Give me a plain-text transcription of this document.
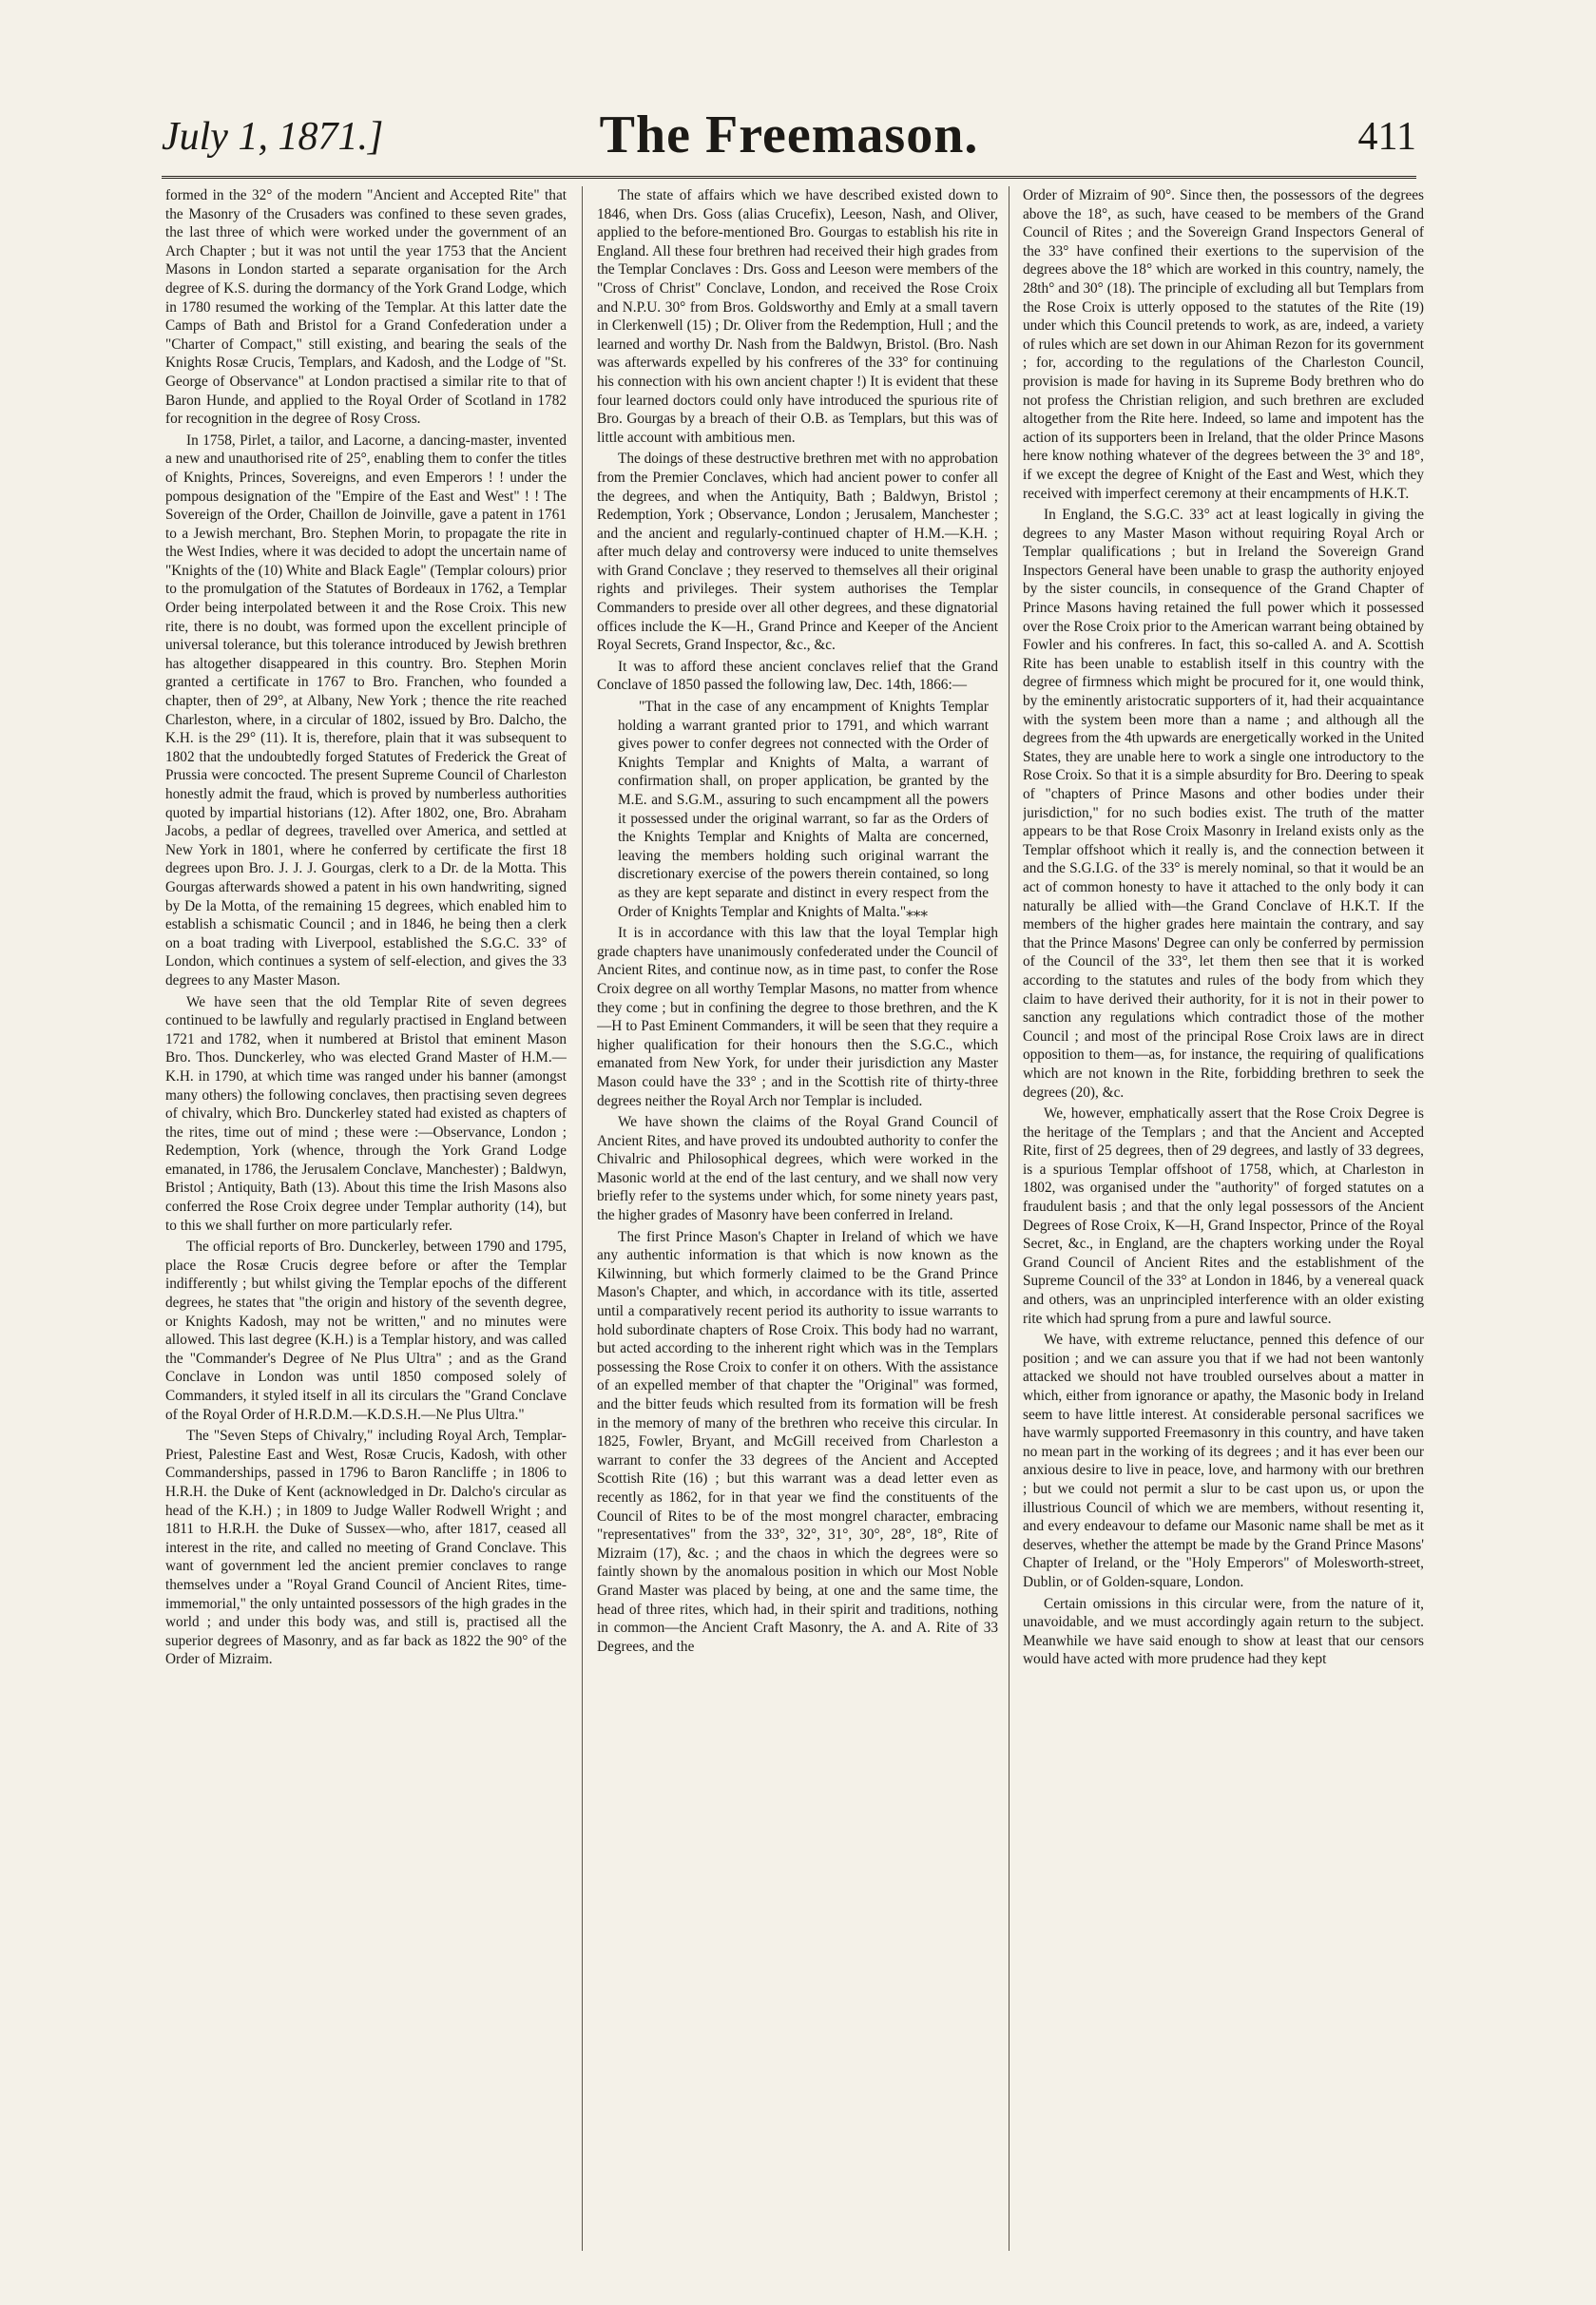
July 1, 1871.]	The Freemason.	411

formed in the 32° of the modern "Ancient and Accepted Rite" that the Masonry of the Crusaders was confined to these seven grades, the last three of which were worked under the government of an Arch Chapter ; but it was not until the year 1753 that the Ancient Masons in London started a separate organisation for the Arch degree of K.S. during the dormancy of the York Grand Lodge, which in 1780 resumed the working of the Templar. At this latter date the Camps of Bath and Bristol for a Grand Confederation under a "Charter of Compact," still existing, and bearing the seals of the Knights Rosæ Crucis, Templars, and Kadosh, and the Lodge of "St. George of Observance" at London practised a similar rite to that of Baron Hunde, and applied to the Royal Order of Scotland in 1782 for recognition in the degree of Rosy Cross.

In 1758, Pirlet, a tailor, and Lacorne, a dancing-master, invented a new and unauthorised rite of 25°, enabling them to confer the titles of Knights, Princes, Sovereigns, and even Emperors ! ! under the pompous designation of the "Empire of the East and West" ! ! The Sovereign of the Order, Chaillon de Joinville, gave a patent in 1761 to a Jewish merchant, Bro. Stephen Morin, to propagate the rite in the West Indies, where it was decided to adopt the uncertain name of "Knights of the (10) White and Black Eagle" (Templar colours) prior to the promulgation of the Statutes of Bordeaux in 1762, a Templar Order being interpolated between it and the Rose Croix. This new rite, there is no doubt, was formed upon the excellent principle of universal tolerance, but this tolerance introduced by Jewish brethren has altogether disappeared in this country. Bro. Stephen Morin granted a certificate in 1767 to Bro. Franchen, who founded a chapter, then of 29°, at Albany, New York ; thence the rite reached Charleston, where, in a circular of 1802, issued by Bro. Dalcho, the K.H. is the 29° (11). It is, therefore, plain that it was subsequent to 1802 that the undoubtedly forged Statutes of Frederick the Great of Prussia were concocted. The present Supreme Council of Charleston honestly admit the fraud, which is proved by numberless authorities quoted by impartial historians (12). After 1802, one, Bro. Abraham Jacobs, a pedlar of degrees, travelled over America, and settled at New York in 1801, where he conferred by certificate the first 18 degrees upon Bro. J. J. J. Gourgas, clerk to a Dr. de la Motta. This Gourgas afterwards showed a patent in his own handwriting, signed by De la Motta, of the remaining 15 degrees, which enabled him to establish a schismatic Council ; and in 1846, he being then a clerk on a boat trading with Liverpool, established the S.G.C. 33° of London, which continues a system of self-election, and gives the 33 degrees to any Master Mason.

We have seen that the old Templar Rite of seven degrees continued to be lawfully and regularly practised in England between 1721 and 1782, when it numbered at Bristol that eminent Mason Bro. Thos. Dunckerley, who was elected Grand Master of H.M.—K.H. in 1790, at which time was ranged under his banner (amongst many others) the following conclaves, then practising seven degrees of chivalry, which Bro. Dunckerley stated had existed as chapters of the rites, time out of mind ; these were :—Observance, London ; Redemption, York (whence, through the York Grand Lodge emanated, in 1786, the Jerusalem Conclave, Manchester) ; Baldwyn, Bristol ; Antiquity, Bath (13). About this time the Irish Masons also conferred the Rose Croix degree under Templar authority (14), but to this we shall further on more particularly refer.

The official reports of Bro. Dunckerley, between 1790 and 1795, place the Rosæ Crucis degree before or after the Templar indifferently ; but whilst giving the Templar epochs of the different degrees, he states that "the origin and history of the seventh degree, or Knights Kadosh, may not be written," and no minutes were allowed. This last degree (K.H.) is a Templar history, and was called the "Commander's Degree of Ne Plus Ultra" ; and as the Grand Conclave in London was until 1850 composed solely of Commanders, it styled itself in all its circulars the "Grand Conclave of the Royal Order of H.R.D.M.—K.D.S.H.—Ne Plus Ultra."

The "Seven Steps of Chivalry," including Royal Arch, Templar-Priest, Palestine East and West, Rosæ Crucis, Kadosh, with other Commanderships, passed in 1796 to Baron Rancliffe ; in 1806 to H.R.H. the Duke of Kent (acknowledged in Dr. Dalcho's circular as head of the K.H.) ; in 1809 to Judge Waller Rodwell Wright ; and 1811 to H.R.H. the Duke of Sussex—who, after 1817, ceased all interest in the rite, and called no meeting of Grand Conclave. This want of government led the ancient premier conclaves to range themselves under a "Royal Grand Council of Ancient Rites, time-immemorial," the only untainted possessors of the high grades in the world ; and under this body was, and still is, practised all the superior degrees of Masonry, and as far back as 1822 the 90° of the Order of Mizraim.

The state of affairs which we have described existed down to 1846, when Drs. Goss (alias Crucefix), Leeson, Nash, and Oliver, applied to the before-mentioned Bro. Gourgas to establish his rite in England. All these four brethren had received their high grades from the Templar Conclaves : Drs. Goss and Leeson were members of the "Cross of Christ" Conclave, London, and received the Rose Croix and N.P.U. 30° from Bros. Goldsworthy and Emly at a small tavern in Clerkenwell (15) ; Dr. Oliver from the Redemption, Hull ; and the learned and worthy Dr. Nash from the Baldwyn, Bristol. (Bro. Nash was afterwards expelled by his confreres of the 33° for continuing his connection with his own ancient chapter !) It is evident that these four learned doctors could only have introduced the spurious rite of Bro. Gourgas by a breach of their O.B. as Templars, but this was of little account with ambitious men.

The doings of these destructive brethren met with no approbation from the Premier Conclaves, which had ancient power to confer all the degrees, and when the Antiquity, Bath ; Baldwyn, Bristol ; Redemption, York ; Observance, London ; Jerusalem, Manchester ; and the ancient and regularly-continued chapter of H.M.—K.H. ; after much delay and controversy were induced to unite themselves with Grand Conclave ; they reserved to themselves all their original rights and privileges. Their system authorises the Templar Commanders to preside over all other degrees, and these dignatorial offices include the K—H., Grand Prince and Keeper of the Ancient Royal Secrets, Grand Inspector, &c., &c.

It was to afford these ancient conclaves relief that the Grand Conclave of 1850 passed the following law, Dec. 14th, 1866:—

"That in the case of any encampment of Knights Templar holding a warrant granted prior to 1791, and which warrant gives power to confer degrees not connected with the Order of Knights Templar and Knights of Malta, a warrant of confirmation shall, on proper application, be granted by the M.E. and S.G.M., assuring to such encampment all the powers it possessed under the original warrant, so far as the Orders of the Knights Templar and Knights of Malta are concerned, leaving the members holding such original warrant the discretionary exercise of the powers therein contained, so long as they are kept separate and distinct in every respect from the Order of Knights Templar and Knights of Malta."⁎⁎⁎

It is in accordance with this law that the loyal Templar high grade chapters have unanimously confederated under the Council of Ancient Rites, and continue now, as in time past, to confer the Rose Croix degree on all worthy Templar Masons, no matter from whence they come ; but in confining the degree to those brethren, and the K—H to Past Eminent Commanders, it will be seen that they require a higher qualification for their honours then the S.G.C., which emanated from New York, for under their jurisdiction any Master Mason could have the 33° ; and in the Scottish rite of thirty-three degrees neither the Royal Arch nor Templar is included.

We have shown the claims of the Royal Grand Council of Ancient Rites, and have proved its undoubted authority to confer the Chivalric and Philosophical degrees, which were worked in the Masonic world at the end of the last century, and we shall now very briefly refer to the systems under which, for some ninety years past, the higher grades of Masonry have been conferred in Ireland.

The first Prince Mason's Chapter in Ireland of which we have any authentic information is that which is now known as the Kilwinning, but which formerly claimed to be the Grand Prince Mason's Chapter, and which, in accordance with its title, asserted until a comparatively recent period its authority to issue warrants to hold subordinate chapters of Rose Croix. This body had no warrant, but acted according to the inherent right which was in the Templars possessing the Rose Croix to confer it on others. With the assistance of an expelled member of that chapter the "Original" was formed, and the bitter feuds which resulted from its formation will be fresh in the memory of many of the brethren who receive this circular. In 1825, Fowler, Bryant, and McGill received from Charleston a warrant to confer the 33 degrees of the Ancient and Accepted Scottish Rite (16) ; but this warrant was a dead letter even as recently as 1862, for in that year we find the constituents of the Council of Rites to be of the most mongrel character, embracing "representatives" from the 33°, 32°, 31°, 30°, 28°, 18°, Rite of Mizraim (17), &c. ; and the chaos in which the degrees were so faintly shown by the anomalous position in which our Most Noble Grand Master was placed by being, at one and the same time, the head of three rites, which had, in their spirit and traditions, nothing in common—the Ancient Craft Masonry, the A. and A. Rite of 33 Degrees, and the

Order of Mizraim of 90°. Since then, the possessors of the degrees above the 18°, as such, have ceased to be members of the Grand Council of Rites ; and the Sovereign Grand Inspectors General of the 33° have confined their exertions to the supervision of the degrees above the 18° which are worked in this country, namely, the 28th° and 30° (18). The principle of excluding all but Templars from the Rose Croix is utterly opposed to the statutes of the Rite (19) under which this Council pretends to work, as are, indeed, a variety of rules which are set down in our Ahiman Rezon for its government ; for, according to the regulations of the Charleston Council, provision is made for having in its Supreme Body brethren who do not profess the Christian religion, and such brethren are excluded altogether from the Rite here. Indeed, so lame and impotent has the action of its supporters been in Ireland, that the older Prince Masons here know nothing whatever of the degrees between the 3° and 18°, if we except the degree of Knight of the East and West, which they received with imperfect ceremony at their encampments of H.K.T.

In England, the S.G.C. 33° act at least logically in giving the degrees to any Master Mason without requiring Royal Arch or Templar qualifications ; but in Ireland the Sovereign Grand Inspectors General have been unable to grasp the authority enjoyed by the sister councils, in consequence of the Grand Chapter of Prince Masons having retained the full power which it possessed over the Rose Croix prior to the American warrant being obtained by Fowler and his confreres. In fact, this so-called A. and A. Scottish Rite has been unable to establish itself in this country with the degree of firmness which might be procured for it, one would think, by the eminently aristocratic supporters of it, had their acquaintance with the system been more than a name ; and although all the degrees from the 4th upwards are energetically worked in the United States, they are unable here to work a single one introductory to the Rose Croix. So that it is a simple absurdity for Bro. Deering to speak of "chapters of Prince Masons and other bodies under their jurisdiction," for no such bodies exist. The truth of the matter appears to be that Rose Croix Masonry in Ireland exists only as the Templar offshoot which it really is, and the connection between it and the S.G.I.G. of the 33° is merely nominal, so that it would be an act of common honesty to have it attached to the only body it can naturally be allied with—the Grand Conclave of H.K.T. If the members of the higher grades here maintain the contrary, and say that the Prince Masons' Degree can only be conferred by permission of the Council of the 33°, let them then see that it is worked according to the statutes and rules of the body from which they claim to have derived their authority, for it is not in their power to sanction any regulations which contradict those of the mother Council ; and most of the principal Rose Croix laws are in direct opposition to them—as, for instance, the requiring of qualifications which are not known in the Rite, forbidding brethren to seek the degrees (20), &c.

We, however, emphatically assert that the Rose Croix Degree is the heritage of the Templars ; and that the Ancient and Accepted Rite, first of 25 degrees, then of 29 degrees, and lastly of 33 degrees, is a spurious Templar offshoot of 1758, which, at Charleston in 1802, was organised under the "authority" of forged statutes on a fraudulent basis ; and that the only legal possessors of the Ancient Degrees of Rose Croix, K—H, Grand Inspector, Prince of the Royal Secret, &c., in England, are the chapters working under the Royal Grand Council of Ancient Rites and the establishment of the Supreme Council of the 33° at London in 1846, by a venereal quack and others, was an unprincipled interference with an older existing rite which had sprung from a pure and lawful source.

We have, with extreme reluctance, penned this defence of our position ; and we can assure you that if we had not been wantonly attacked we should not have troubled ourselves about a matter in which, either from ignorance or apathy, the Masonic body in Ireland seem to have little interest. At considerable personal sacrifices we have warmly supported Freemasonry in this country, and have taken no mean part in the working of its degrees ; and it has ever been our anxious desire to live in peace, love, and harmony with our brethren ; but we could not permit a slur to be cast upon us, or upon the illustrious Council of which we are members, without resenting it, and every endeavour to defame our Masonic name shall be met as it deserves, whether the attempt be made by the Grand Prince Masons' Chapter of Ireland, or the "Holy Emperors" of Molesworth-street, Dublin, or of Golden-square, London.

Certain omissions in this circular were, from the nature of it, unavoidable, and we must accordingly again return to the subject. Meanwhile we have said enough to show at least that our censors would have acted with more prudence had they kept
